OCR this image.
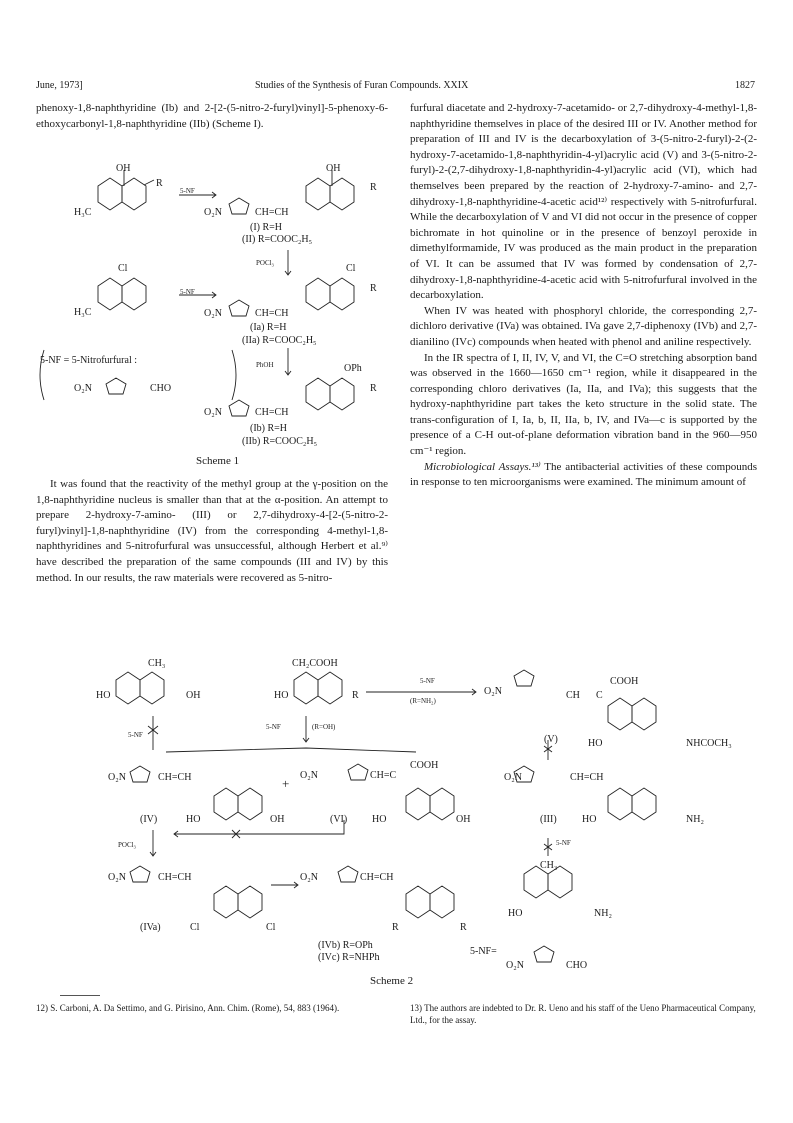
June, 1973]	Studies of the Synthesis of Furan Compounds. XXIX	1827

phenoxy-1,8-naphthyridine (Ib) and 2-[2-(5-nitro-2-furyl)vinyl]-5-phenoxy-6-ethoxycarbonyl-1,8-naphthyridine (IIb) (Scheme I).

OH
R
H₃C
5-NF
O₂N	CH=CH
OH
R
(I) R=H
(II) R=COOC₂H₅
POCl₃
Cl
H₃C
5-NF
O₂N	CH=CH
Cl
R
(Ia) R=H
(IIa) R=COOC₂H₅
PhOH
5-NF = 5-Nitrofurfural :
O₂N	CHO
OPh
R
O₂N	CH=CH
(Ib) R=H
(IIb) R=COOC₂H₅
Scheme 1

It was found that the reactivity of the methyl group at the γ-position on the 1,8-naphthyridine nucleus is smaller than that at the α-position. An attempt to prepare 2-hydroxy-7-amino- (III) or 2,7-dihydroxy-4-[2-(5-nitro-2-furyl)vinyl]-1,8-naphthyridine (IV) from the corresponding 4-methyl-1,8-naphthyridines and 5-nitrofurfural was unsuccessful, although Herbert et al.⁹⁾ have described the preparation of the same compounds (III and IV) by this method. In our results, the raw materials were recovered as 5-nitro-

furfural diacetate and 2-hydroxy-7-acetamido- or 2,7-dihydroxy-4-methyl-1,8-naphthyridine themselves in place of the desired III or IV. Another method for preparation of III and IV is the decarboxylation of 3-(5-nitro-2-furyl)-2-(2-hydroxy-7-acetamido-1,8-naphthyridin-4-yl)acrylic acid (V) and 3-(5-nitro-2-furyl)-2-(2,7-dihydroxy-1,8-naphthyridin-4-yl)acrylic acid (VI), which had themselves been prepared by the reaction of 2-hydroxy-7-amino- and 2,7-dihydroxy-1,8-naphthyridine-4-acetic acid¹²⁾ respectively with 5-nitrofurfural. While the decarboxylation of V and VI did not occur in the presence of copper bichromate in hot quinoline or in the presence of benzoyl peroxide in dimethylformamide, IV was produced as the main product in the preparation of VI. It can be assumed that IV was formed by condensation of 2,7-dihydroxy-1,8-naphthyridine-4-acetic acid with 5-nitrofurfural involved in the decarboxylation.

When IV was heated with phosphoryl chloride, the corresponding 2,7-dichloro derivative (IVa) was obtained. IVa gave 2,7-diphenoxy (IVb) and 2,7-dianilino (IVc) compounds when heated with phenol and aniline respectively.

In the IR spectra of I, II, IV, V, and VI, the C=O stretching absorption band was observed in the 1660—1650 cm⁻¹ region, while it disappeared in the corresponding chloro derivatives (Ia, IIa, and IVa); this suggests that the hydroxy-naphthyridine part takes the keto structure in the solid state. The trans-configuration of I, Ia, b, II, IIa, b, IV, and IVa—c is supported by the presence of a C-H out-of-plane deformation vibration band in the 960—950 cm⁻¹ region.

Microbiological Assays.¹³⁾ The antibacterial activities of these compounds in response to ten microorganisms were examined. The minimum amount of

CH₃
HO	OH
CH₂COOH
HO	R
5-NF
(R=NH₂)
O₂N	CH C
COOH
(V)	HO	NHCOCH₃
5-NF
5-NF	(R=OH)
O₂N	CH=CH	+
O₂N	CH=C
COOH
O₂N	CH=CH
(IV)	HO	OH	(VI) HO	OH	(III)	HO	NH₂
POCl₃	5-NF
CH₃
HO	NH₂
O₂N	CH=CH
(IVa)	Cl	Cl
O₂N	CH=CH
R	R
(IVb) R=OPh
(IVc) R=NHPh
5-NF=
O₂N	CHO
Scheme 2
12) S. Carboni, A. Da Settimo, and G. Pirisino, Ann. Chim. (Rome), 54, 883 (1964).	13) The authors are indebted to Dr. R. Ueno and his staff of the Ueno Pharmaceutical Company, Ltd., for the assay.
